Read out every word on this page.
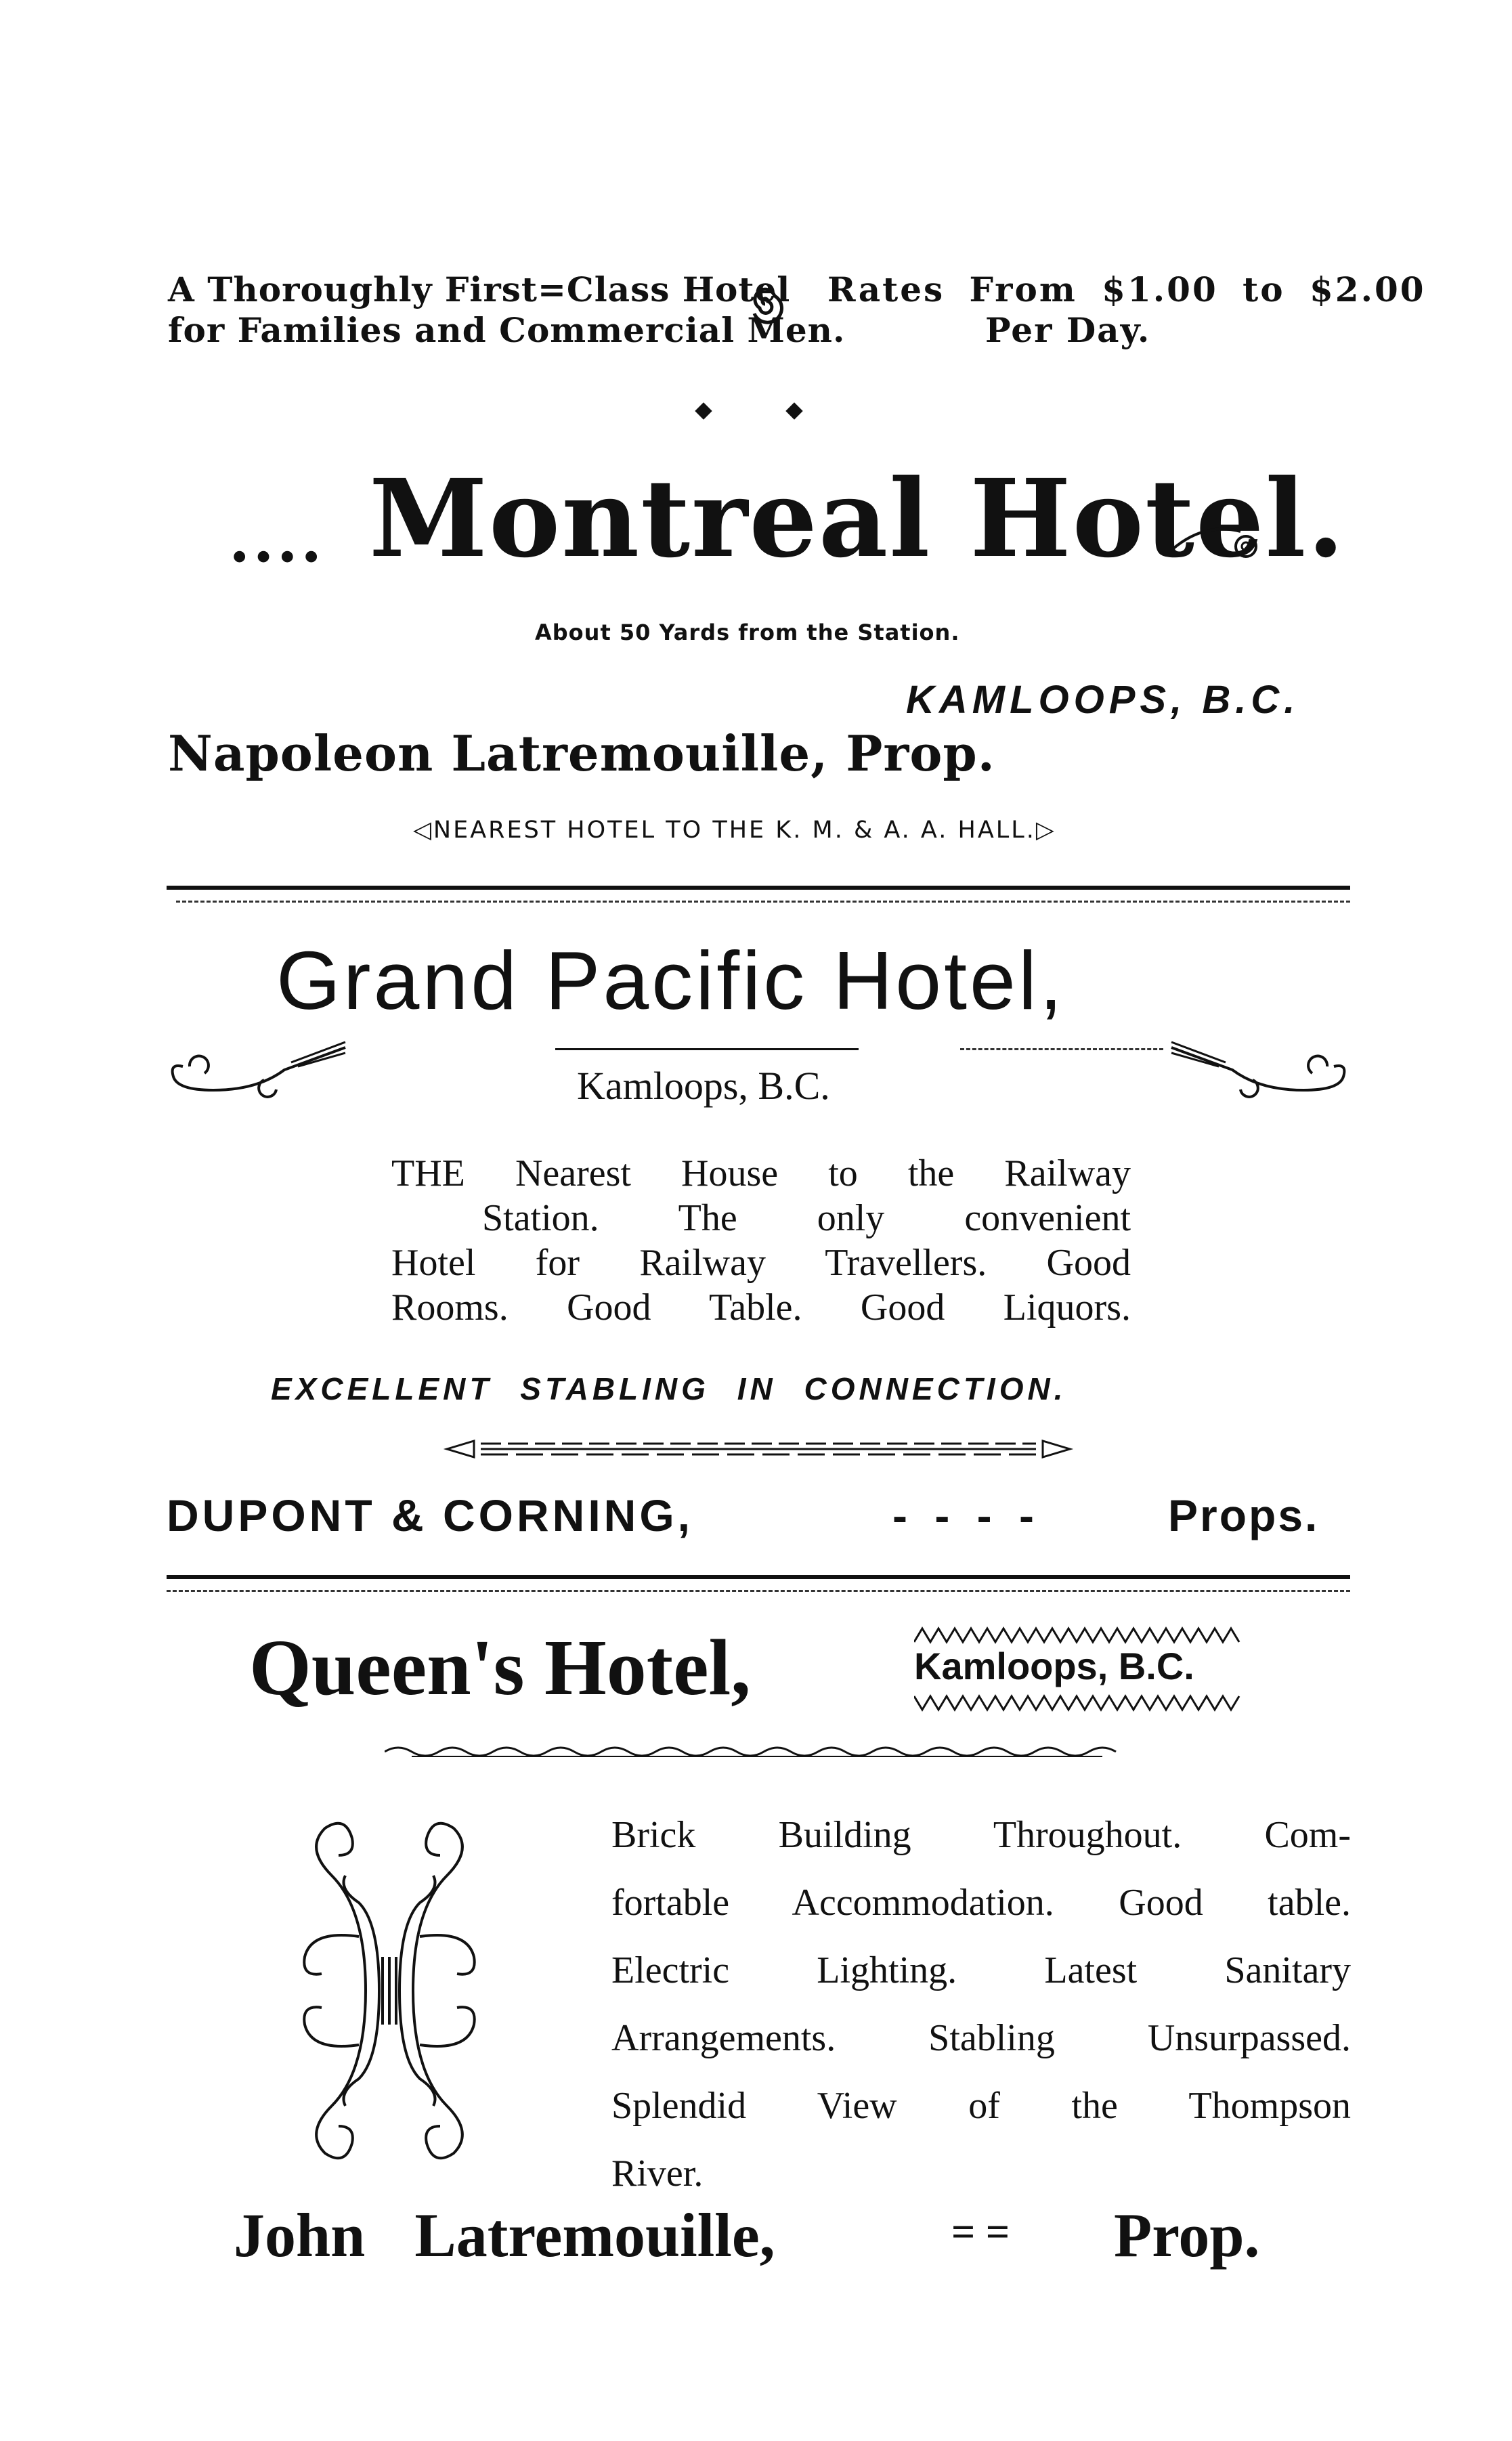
A Thoroughly First=Class Hotel
for Families and Commercial Men.
Rates From $1.00 to $2.00
Per Day.
.... Montreal Hotel.
About 50 Yards from the Station.
KAMLOOPS, B.C.
Napoleon Latremouille, Prop.
◁NEAREST HOTEL TO THE K. M. & A. A. HALL.▷
Grand Pacific Hotel,
Kamloops, B.C.
THE Nearest House to the Railway
Station. The only convenient
Hotel for Railway Travellers. Good
Rooms. Good Table. Good Liquors.
EXCELLENT STABLING IN CONNECTION.
DUPONT & CORNING,	- - - -	Props.
Queen's Hotel,	Kamloops, B.C.
Brick Building Throughout. Com-
fortable Accommodation. Good table.
Electric Lighting. Latest Sanitary
Arrangements. Stabling Unsurpassed.
Splendid View of the Thompson
River.
John Latremouille,	= = Prop.
